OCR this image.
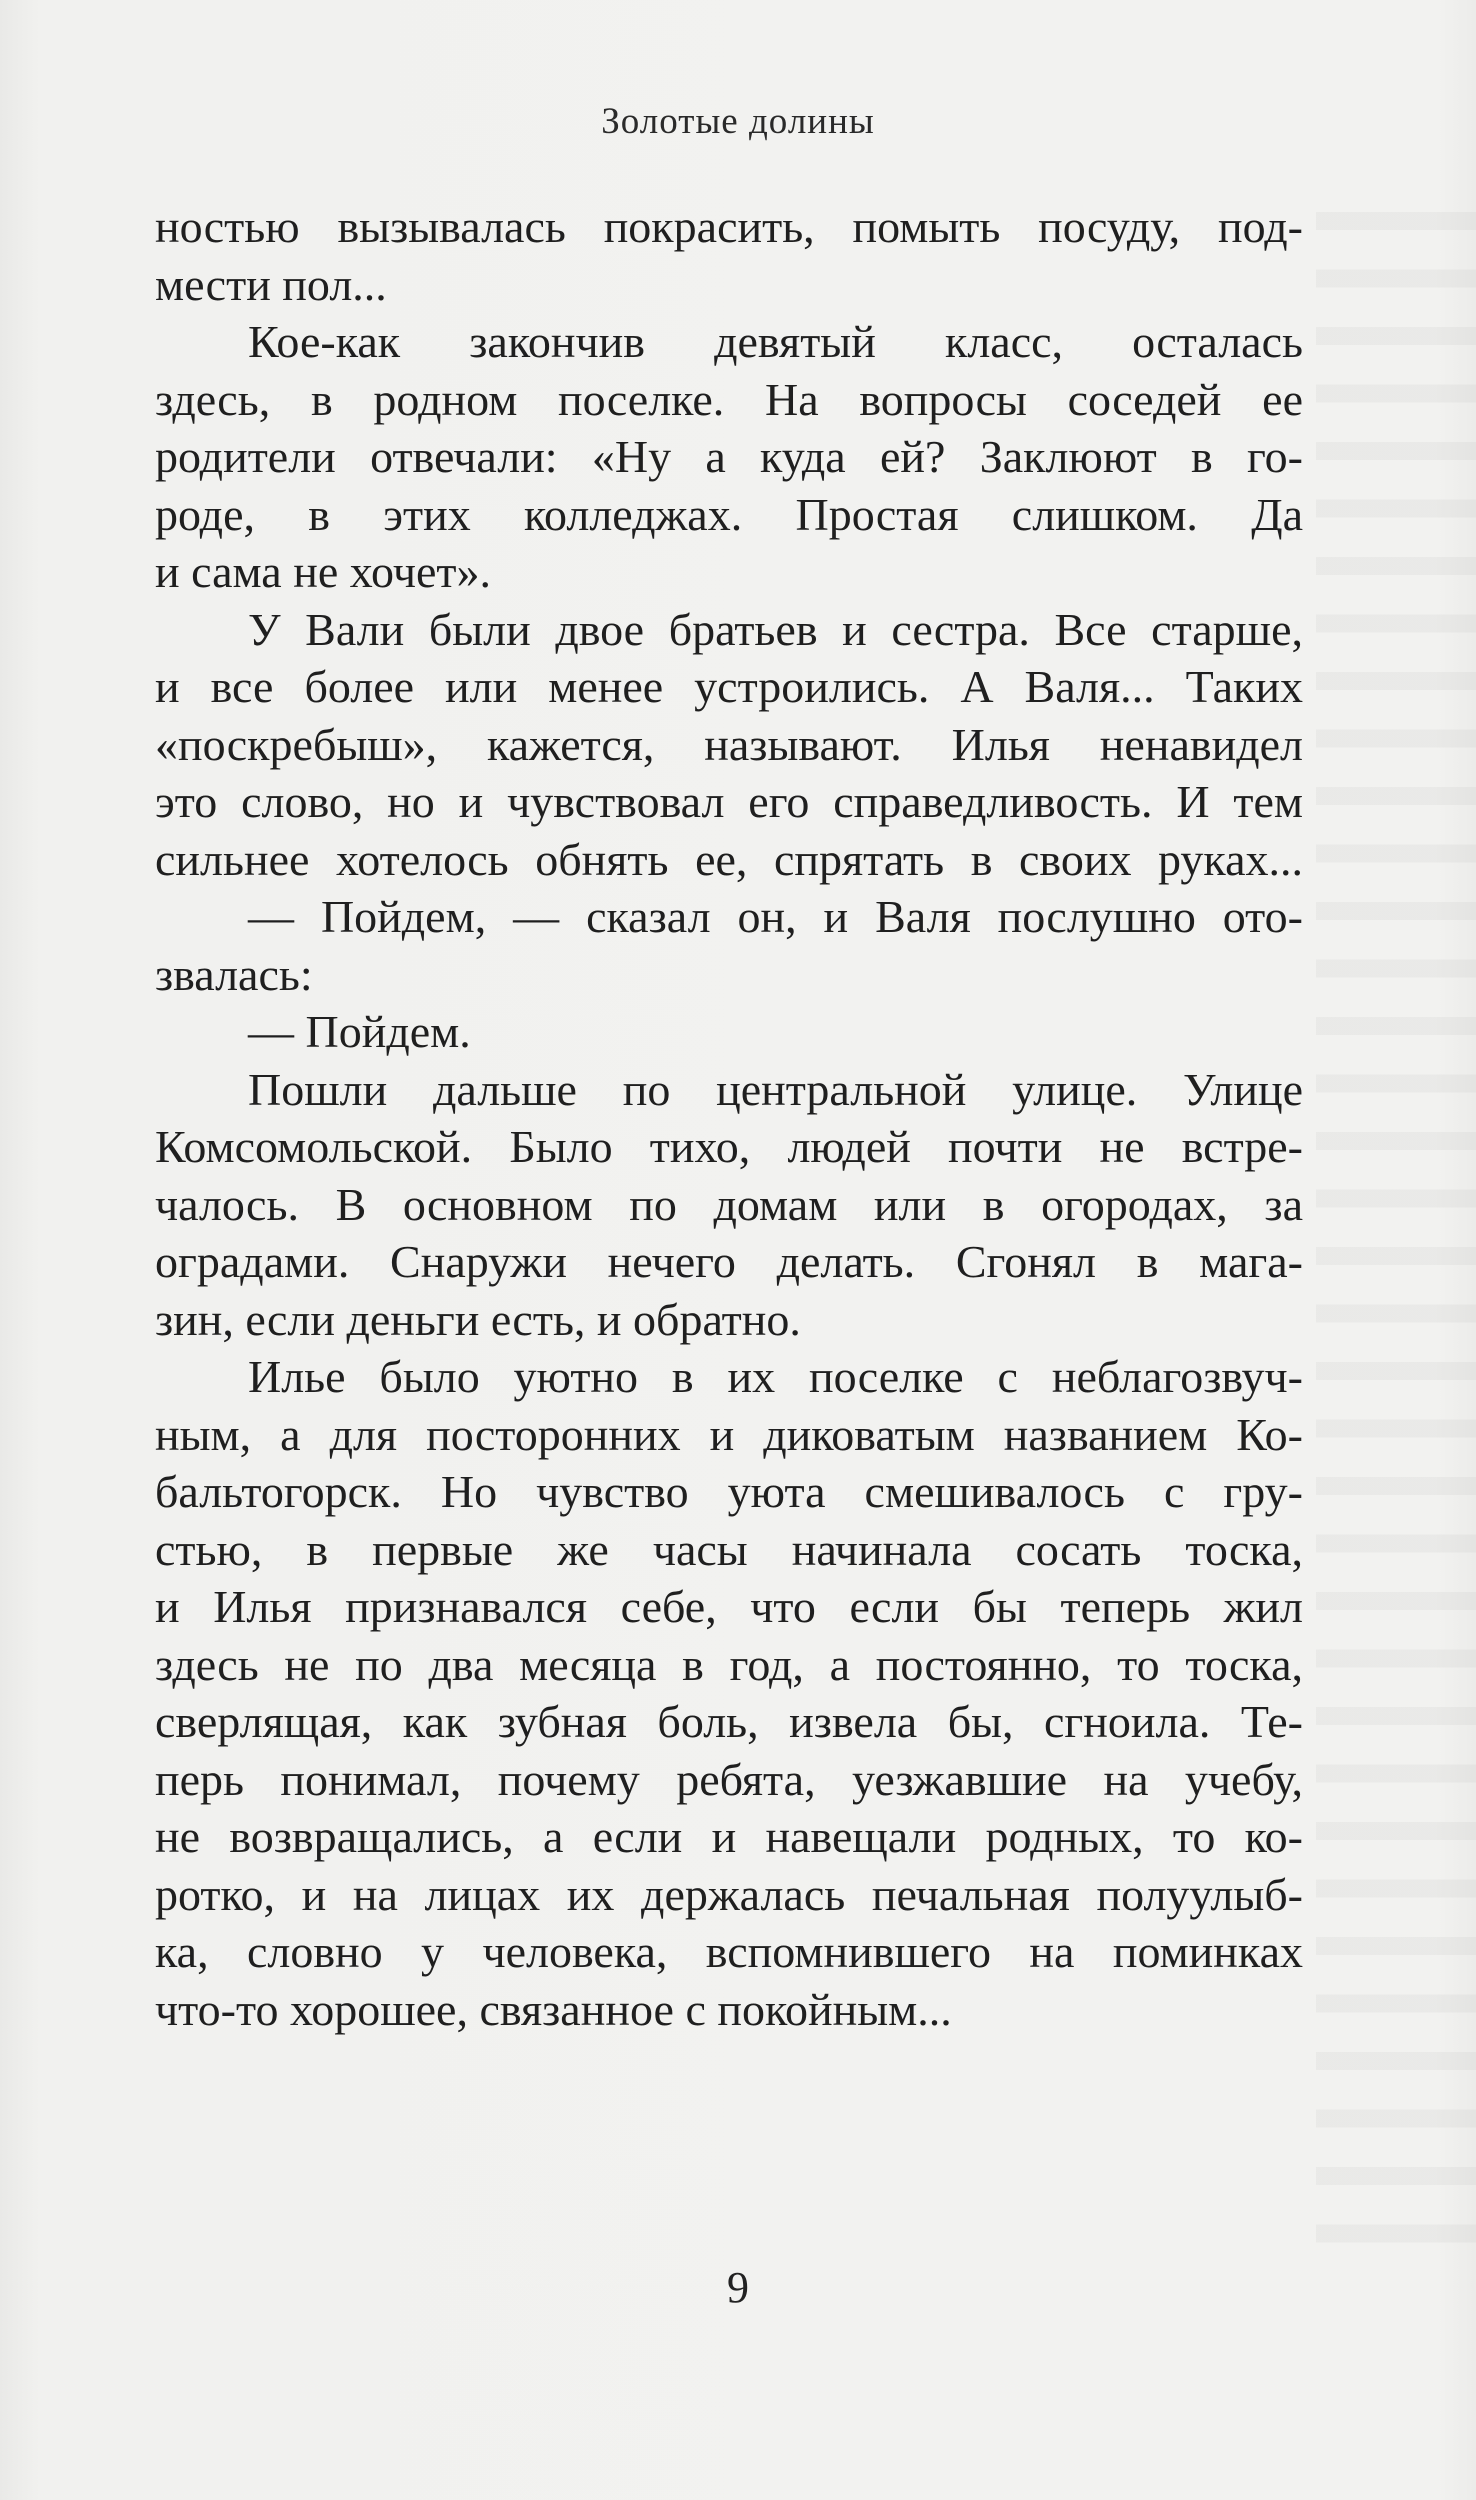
Золотые долины
ностью вызывалась покрасить, помыть посуду, под-
мести пол...
Кое-как закончив девятый класс, осталась
здесь, в родном поселке. На вопросы соседей ее
родители отвечали: «Ну а куда ей? Заклюют в го-
роде, в этих колледжах. Простая слишком. Да
и сама не хочет».
У Вали были двое братьев и сестра. Все старше,
и все более или менее устроились. А Валя... Таких
«поскребыш», кажется, называют. Илья ненавидел
это слово, но и чувствовал его справедливость. И тем
сильнее хотелось обнять ее, спрятать в своих руках...
— Пойдем, — сказал он, и Валя послушно ото-
звалась:
— Пойдем.
Пошли дальше по центральной улице. Улице
Комсомольской. Было тихо, людей почти не встре-
чалось. В основном по домам или в огородах, за
оградами. Снаружи нечего делать. Сгонял в мага-
зин, если деньги есть, и обратно.
Илье было уютно в их поселке с неблагозвуч-
ным, а для посторонних и диковатым названием Ко-
бальтогорск. Но чувство уюта смешивалось с гру-
стью, в первые же часы начинала сосать тоска,
и Илья признавался себе, что если бы теперь жил
здесь не по два месяца в год, а постоянно, то тоска,
сверлящая, как зубная боль, извела бы, сгноила. Те-
перь понимал, почему ребята, уезжавшие на учебу,
не возвращались, а если и навещали родных, то ко-
ротко, и на лицах их держалась печальная полуулыб-
ка, словно у человека, вспомнившего на поминках
что-то хорошее, связанное с покойным...
9
